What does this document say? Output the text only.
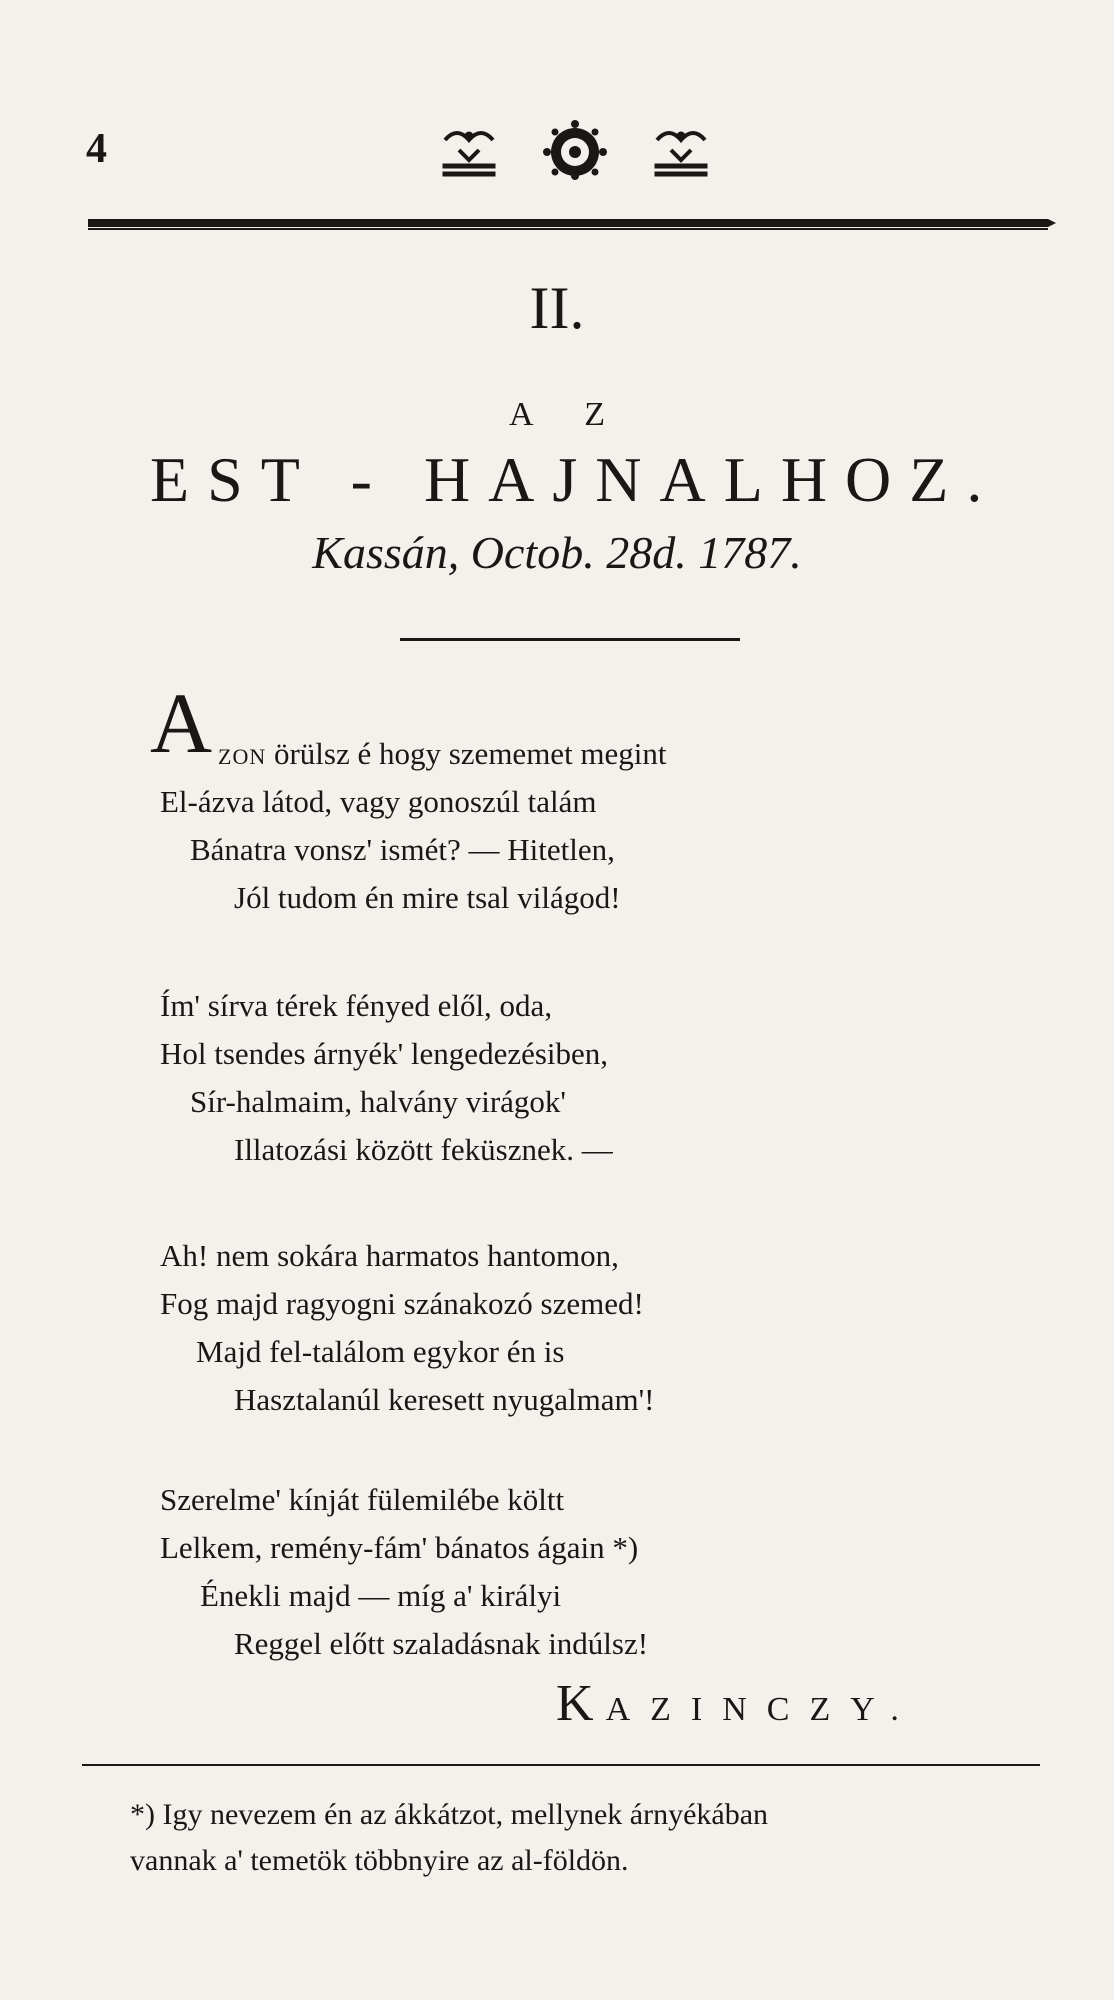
4
II.
A Z
EST - HAJNALHOZ.
Kassán, Octob. 28d. 1787.
A ZON örülsz é hogy szememet megint
El-ázva látod, vagy gonoszúl talám
Bánatra vonsz' ismét? — Hitetlen,
Jól tudom én mire tsal világod!
Ím' sírva térek fényed elől, oda,
Hol tsendes árnyék' lengedezésiben,
Sír-halmaim, halvány virágok'
Illatozási között feküsznek. —
Ah! nem sokára harmatos hantomon,
Fog majd ragyogni szánakozó szemed!
Majd fel-találom egykor én is
Hasztalanúl keresett nyugalmam'!
Szerelme' kínját fülemilébe költt
Lelkem, remény-fám' bánatos ágain *)
Énekli majd — míg a' királyi
Reggel előtt szaladásnak indúlsz!
KAZINCZY.
*) Igy nevezem én az ákkátzot, mellynek árnyékában
vannak a' temetök többnyire az al-földön.
